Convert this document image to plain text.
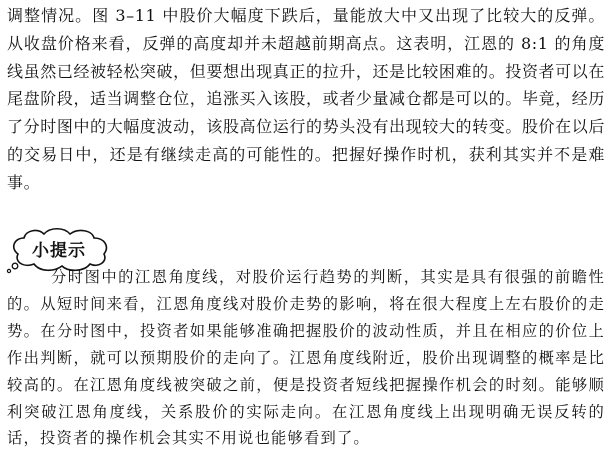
调整情况。图 3–11 中股价大幅度下跌后，量能放大中又出现了比较大的反弹。从收盘价格来看，反弹的高度却并未超越前期高点。这表明，江恩的 8:1 的角度线虽然已经被轻松突破，但要想出现真正的拉升，还是比较困难的。投资者可以在尾盘阶段，适当调整仓位，追涨买入该股，或者少量减仓都是可以的。毕竟，经历了分时图中的大幅度波动，该股高位运行的势头没有出现较大的转变。股价在以后的交易日中，还是有继续走高的可能性的。把握好操作时机，获利其实并不是难事。

小提示

分时图中的江恩角度线，对股价运行趋势的判断，其实是具有很强的前瞻性的。从短时间来看，江恩角度线对股价走势的影响，将在很大程度上左右股价的走势。在分时图中，投资者如果能够准确把握股价的波动性质，并且在相应的价位上作出判断，就可以预期股价的走向了。江恩角度线附近，股价出现调整的概率是比较高的。在江恩角度线被突破之前，便是投资者短线把握操作机会的时刻。能够顺利突破江恩角度线，关系股价的实际走向。在江恩角度线上出现明确无误反转的话，投资者的操作机会其实不用说也能够看到了。
